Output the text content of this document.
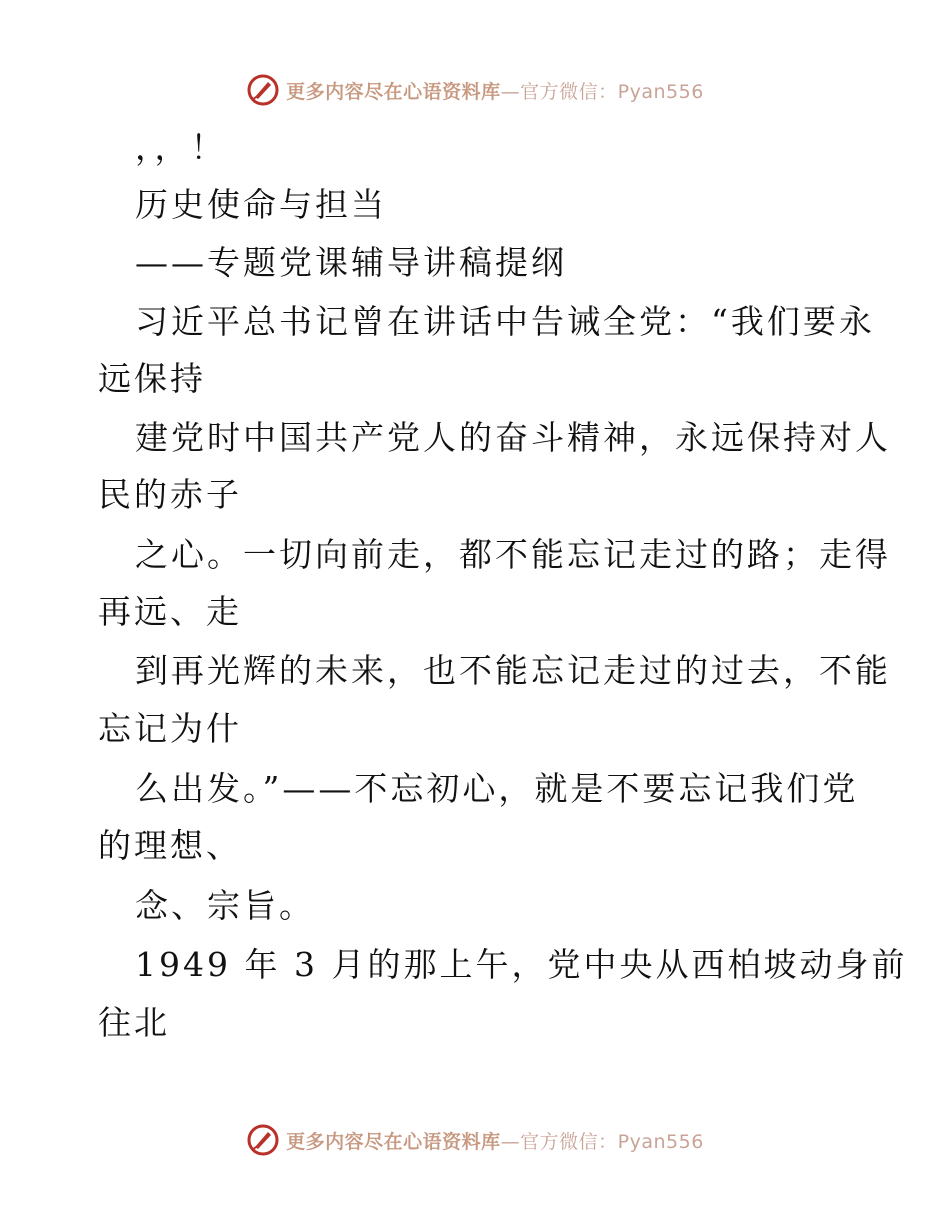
更多内容尽在心语资料库—官方微信：Pyan556
，，！
历史使命与担当
——专题党课辅导讲稿提纲
习近平总书记曾在讲话中告诫全党：“我们要永
远保持
建党时中国共产党人的奋斗精神，永远保持对人
民的赤子
之心。一切向前走，都不能忘记走过的路；走得
再远、走
到再光辉的未来，也不能忘记走过的过去，不能
忘记为什
么出发。”——不忘初心，就是不要忘记我们党
的理想、
念、宗旨。
1949 年 3 月的那上午，党中央从西柏坡动身前
往北
更多内容尽在心语资料库—官方微信：Pyan556
